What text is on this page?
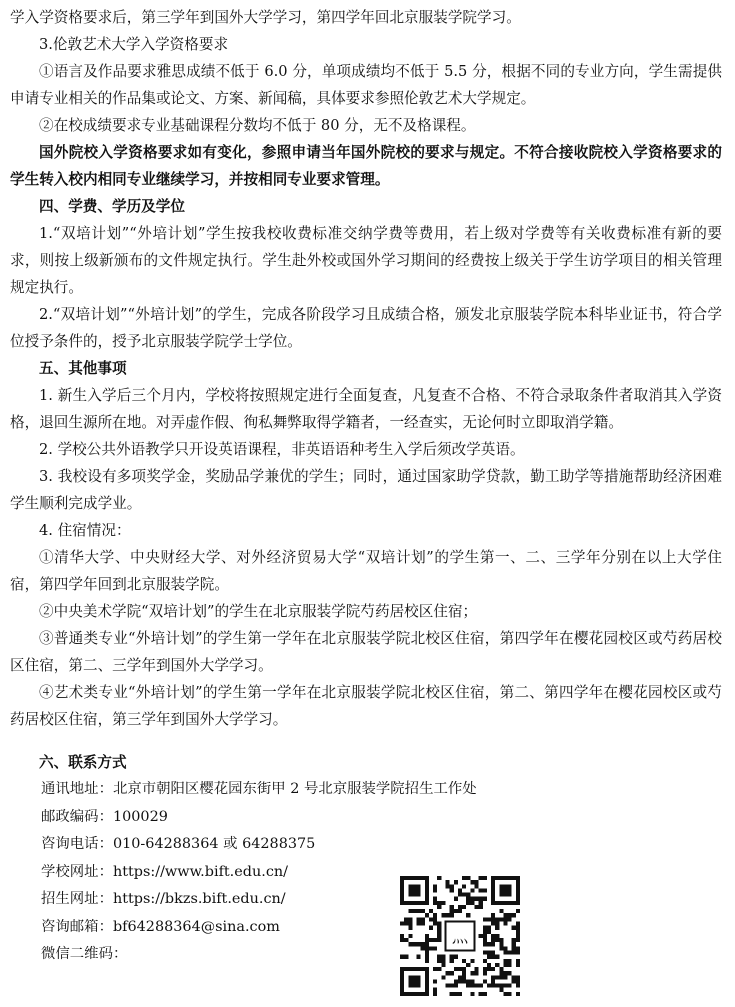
学入学资格要求后，第三学年到国外大学学习，第四学年回北京服装学院学习。

3.伦敦艺术大学入学资格要求

①语言及作品要求雅思成绩不低于 6.0 分，单项成绩均不低于 5.5 分，根据不同的专业方向，学生需提供申请专业相关的作品集或论文、方案、新闻稿，具体要求参照伦敦艺术大学规定。

②在校成绩要求专业基础课程分数均不低于 80 分，无不及格课程。

国外院校入学资格要求如有变化，参照申请当年国外院校的要求与规定。不符合接收院校入学资格要求的学生转入校内相同专业继续学习，并按相同专业要求管理。

四、学费、学历及学位

1.“双培计划”“外培计划”学生按我校收费标准交纳学费等费用，若上级对学费等有关收费标准有新的要求，则按上级新颁布的文件规定执行。学生赴外校或国外学习期间的经费按上级关于学生访学项目的相关管理规定执行。

2.“双培计划”“外培计划”的学生，完成各阶段学习且成绩合格，颁发北京服装学院本科毕业证书，符合学位授予条件的，授予北京服装学院学士学位。

五、其他事项

1. 新生入学后三个月内，学校将按照规定进行全面复查，凡复查不合格、不符合录取条件者取消其入学资格，退回生源所在地。对弄虚作假、徇私舞弊取得学籍者，一经查实，无论何时立即取消学籍。

2. 学校公共外语教学只开设英语课程，非英语语种考生入学后须改学英语。

3. 我校设有多项奖学金，奖励品学兼优的学生；同时，通过国家助学贷款，勤工助学等措施帮助经济困难学生顺利完成学业。

4. 住宿情况：

①清华大学、中央财经大学、对外经济贸易大学“双培计划”的学生第一、二、三学年分别在以上大学住宿，第四学年回到北京服装学院。

②中央美术学院“双培计划”的学生在北京服装学院芍药居校区住宿；

③普通类专业“外培计划”的学生第一学年在北京服装学院北校区住宿，第四学年在樱花园校区或芍药居校区住宿，第二、三学年到国外大学学习。

④艺术类专业“外培计划”的学生第一学年在北京服装学院北校区住宿，第二、第四学年在樱花园校区或芍药居校区住宿，第三学年到国外大学学习。

六、联系方式

通讯地址：北京市朝阳区樱花园东街甲 2 号北京服装学院招生工作处
邮政编码：100029
咨询电话：010-64288364 或 64288375
学校网址：https://www.bift.edu.cn/
招生网址：https://bkzs.bift.edu.cn/
咨询邮箱：bf64288364@sina.com
微信二维码：
灬
